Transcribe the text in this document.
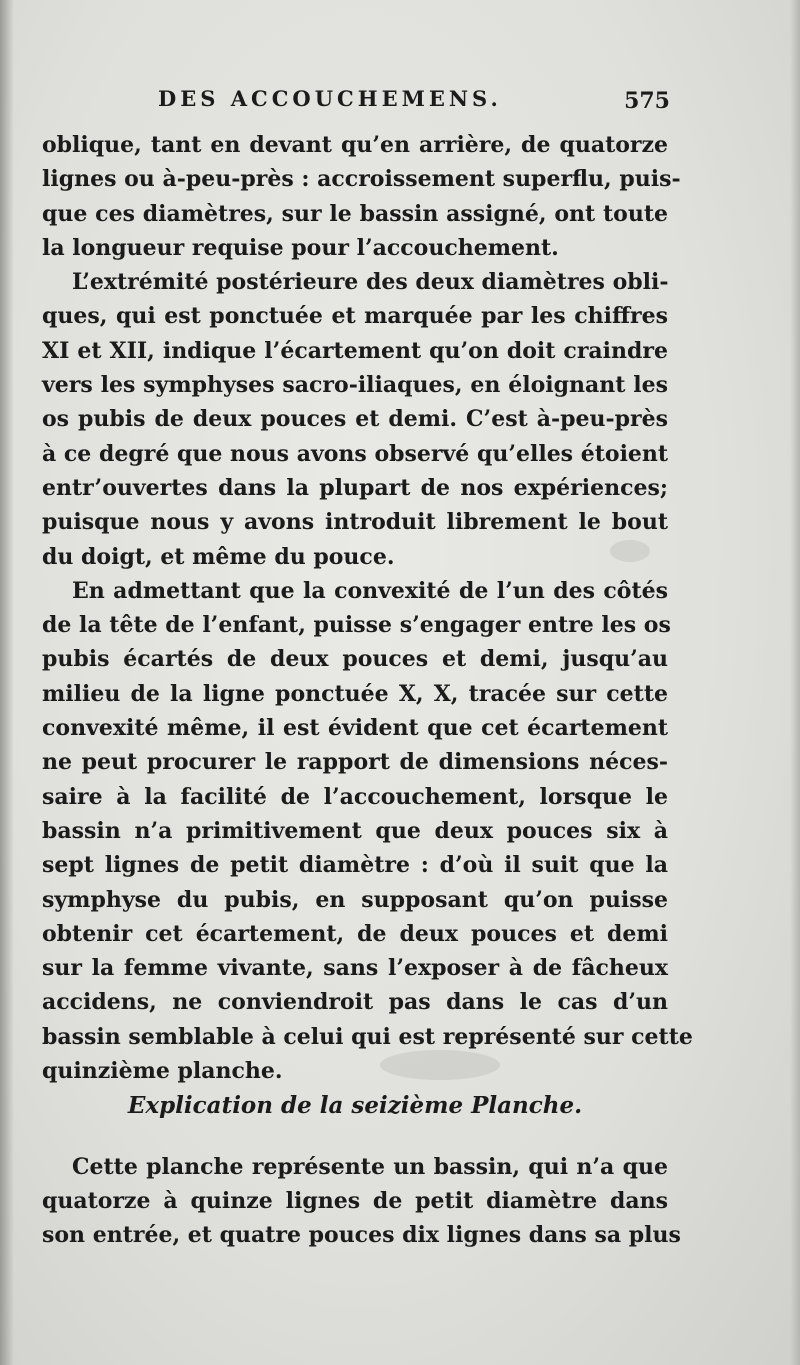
DES ACCOUCHEMENS.	575
oblique, tant en devant qu’en arrière, de quatorze
lignes ou à-peu-près : accroissement superflu, puis-
que ces diamètres, sur le bassin assigné, ont toute
la longueur requise pour l’accouchement.
L’extrémité postérieure des deux diamètres obli-
ques, qui est ponctuée et marquée par les chiffres
XI et XII, indique l’écartement qu’on doit craindre
vers les symphyses sacro-iliaques, en éloignant les
os pubis de deux pouces et demi. C’est à-peu-près
à ce degré que nous avons observé qu’elles étoient
entr’ouvertes dans la plupart de nos expériences;
puisque nous y avons introduit librement le bout
du doigt, et même du pouce.
En admettant que la convexité de l’un des côtés
de la tête de l’enfant, puisse s’engager entre les os
pubis écartés de deux pouces et demi, jusqu’au
milieu de la ligne ponctuée X, X, tracée sur cette
convexité même, il est évident que cet écartement
ne peut procurer le rapport de dimensions néces-
saire à la facilité de l’accouchement, lorsque le
bassin n’a primitivement que deux pouces six à
sept lignes de petit diamètre : d’où il suit que la
symphyse du pubis, en supposant qu’on puisse
obtenir cet écartement, de deux pouces et demi
sur la femme vivante, sans l’exposer à de fâcheux
accidens, ne conviendroit pas dans le cas d’un
bassin semblable à celui qui est représenté sur cette
quinzième planche.
Explication de la seizième Planche.
Cette planche représente un bassin, qui n’a que
quatorze à quinze lignes de petit diamètre dans
son entrée, et quatre pouces dix lignes dans sa plus
